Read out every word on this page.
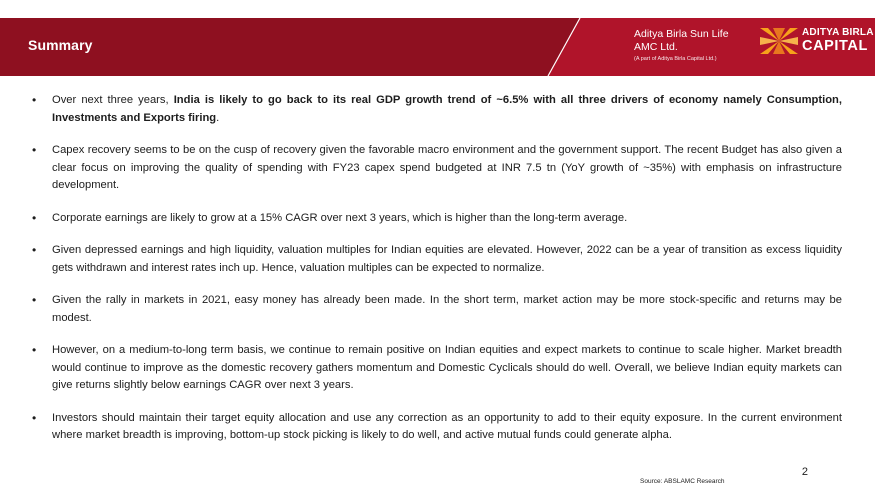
Summary
Aditya Birla Sun Life
AMC Ltd.
(A part of Aditya Birla Capital Ltd.)
ADITYA BIRLA
CAPITAL
• Over next three years, India is likely to go back to its real GDP growth trend of ~6.5% with all three drivers of economy namely Consumption, Investments and Exports firing.
• Capex recovery seems to be on the cusp of recovery given the favorable macro environment and the government support. The recent Budget has also given a clear focus on improving the quality of spending with FY23 capex spend budgeted at INR 7.5 tn (YoY growth of ~35%) with emphasis on infrastructure development.
• Corporate earnings are likely to grow at a 15% CAGR over next 3 years, which is higher than the long-term average.
• Given depressed earnings and high liquidity, valuation multiples for Indian equities are elevated. However, 2022 can be a year of transition as excess liquidity gets withdrawn and interest rates inch up. Hence, valuation multiples can be expected to normalize.
• Given the rally in markets in 2021, easy money has already been made. In the short term, market action may be more stock-specific and returns may be modest.
• However, on a medium-to-long term basis, we continue to remain positive on Indian equities and expect markets to continue to scale higher. Market breadth would continue to improve as the domestic recovery gathers momentum and Domestic Cyclicals should do well. Overall, we believe Indian equity markets can give returns slightly below earnings CAGR over next 3 years.
• Investors should maintain their target equity allocation and use any correction as an opportunity to add to their equity exposure. In the current environment where market breadth is improving, bottom-up stock picking is likely to do well, and active mutual funds could generate alpha.
2
Source: ABSLAMC Research
